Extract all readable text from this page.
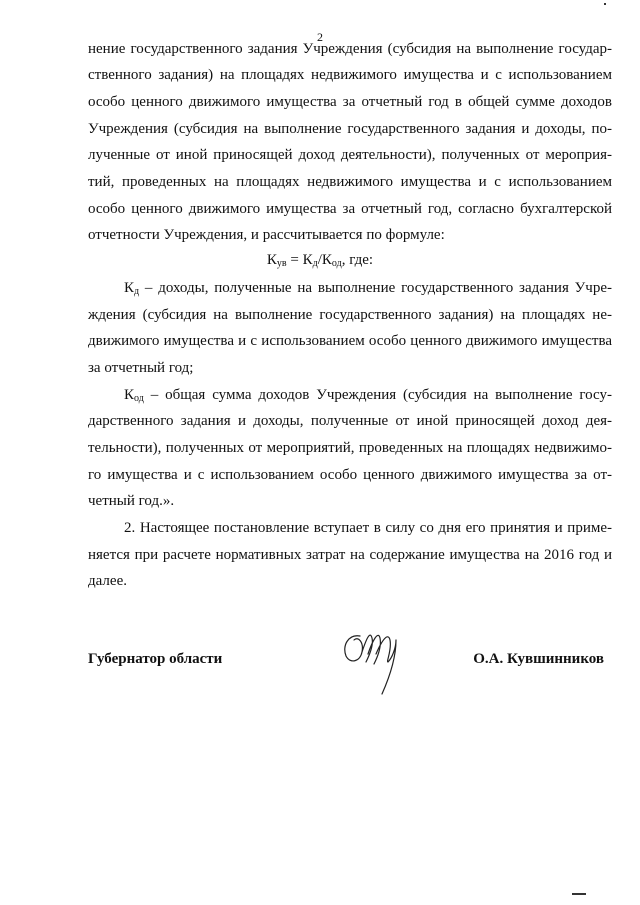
2
нение государственного задания Учреждения (субсидия на выполнение государ-
ственного задания) на площадях недвижимого имущества и с использованием
особо ценного движимого имущества за отчетный год в общей сумме доходов
Учреждения (субсидия на выполнение государственного задания и доходы, по-
лученные от иной приносящей доход деятельности), полученных от мероприя-
тий, проведенных на площадях недвижимого имущества и с использованием
особо ценного движимого имущества за отчетный год, согласно бухгалтерской
отчетности Учреждения, и рассчитывается по формуле:
$К_{ув} = К_д/К_{од}$, где:
$К_д$ – доходы, полученные на выполнение государственного задания Учре-
ждения (субсидия на выполнение государственного задания) на площадях не-
движимого имущества и с использованием особо ценного движимого имущества
за отчетный год;
$К_{од}$ – общая сумма доходов Учреждения (субсидия на выполнение госу-
дарственного задания и доходы, полученные от иной приносящей доход дея-
тельности), полученных от мероприятий, проведенных на площадях недвижимо-
го имущества и с использованием особо ценного движимого имущества за от-
четный год.».
2. Настоящее постановление вступает в силу со дня его принятия и приме-
няется при расчете нормативных затрат на содержание имущества на 2016 год и
далее.
Губернатор области	О.А. Кувшинников
